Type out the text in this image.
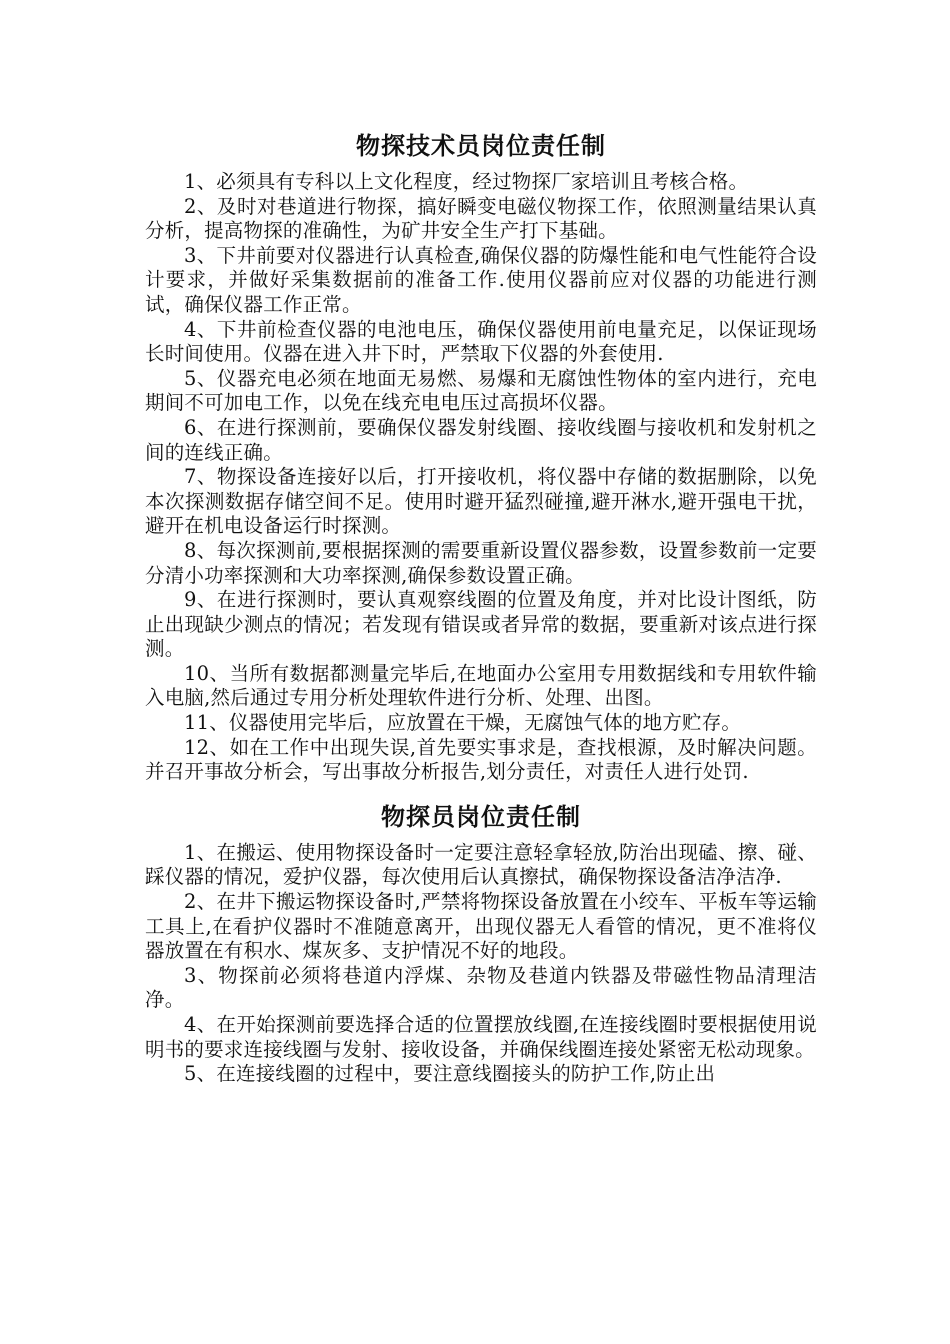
物探技术员岗位责任制

1、必须具有专科以上文化程度，经过物探厂家培训且考核合格。

2、及时对巷道进行物探，搞好瞬变电磁仪物探工作，依照测量结果认真分析，提高物探的准确性，为矿井安全生产打下基础。

3、下井前要对仪器进行认真检查,确保仪器的防爆性能和电气性能符合设计要求，并做好采集数据前的准备工作.使用仪器前应对仪器的功能进行测试，确保仪器工作正常。

4、下井前检查仪器的电池电压，确保仪器使用前电量充足，以保证现场长时间使用。仪器在进入井下时，严禁取下仪器的外套使用.

5、仪器充电必须在地面无易燃、易爆和无腐蚀性物体的室内进行，充电期间不可加电工作，以免在线充电电压过高损坏仪器。

6、在进行探测前，要确保仪器发射线圈、接收线圈与接收机和发射机之间的连线正确。

7、物探设备连接好以后，打开接收机，将仪器中存储的数据删除，以免本次探测数据存储空间不足。使用时避开猛烈碰撞,避开淋水,避开强电干扰，避开在机电设备运行时探测。

8、每次探测前,要根据探测的需要重新设置仪器参数，设置参数前一定要分清小功率探测和大功率探测,确保参数设置正确。

9、在进行探测时，要认真观察线圈的位置及角度，并对比设计图纸，防止出现缺少测点的情况；若发现有错误或者异常的数据，要重新对该点进行探测。

10、当所有数据都测量完毕后,在地面办公室用专用数据线和专用软件输入电脑,然后通过专用分析处理软件进行分析、处理、出图。

11、仪器使用完毕后，应放置在干燥，无腐蚀气体的地方贮存。

12、如在工作中出现失误,首先要实事求是，查找根源，及时解决问题。并召开事故分析会，写出事故分析报告,划分责任，对责任人进行处罚.

物探员岗位责任制

1、在搬运、使用物探设备时一定要注意轻拿轻放,防治出现磕、擦、碰、踩仪器的情况，爱护仪器，每次使用后认真擦拭，确保物探设备洁净洁净.

2、在井下搬运物探设备时,严禁将物探设备放置在小绞车、平板车等运输工具上,在看护仪器时不准随意离开，出现仪器无人看管的情况，更不准将仪器放置在有积水、煤灰多、支护情况不好的地段。

3、物探前必须将巷道内浮煤、杂物及巷道内铁器及带磁性物品清理洁净。

4、在开始探测前要选择合适的位置摆放线圈,在连接线圈时要根据使用说明书的要求连接线圈与发射、接收设备，并确保线圈连接处紧密无松动现象。

5、在连接线圈的过程中，要注意线圈接头的防护工作,防止出
